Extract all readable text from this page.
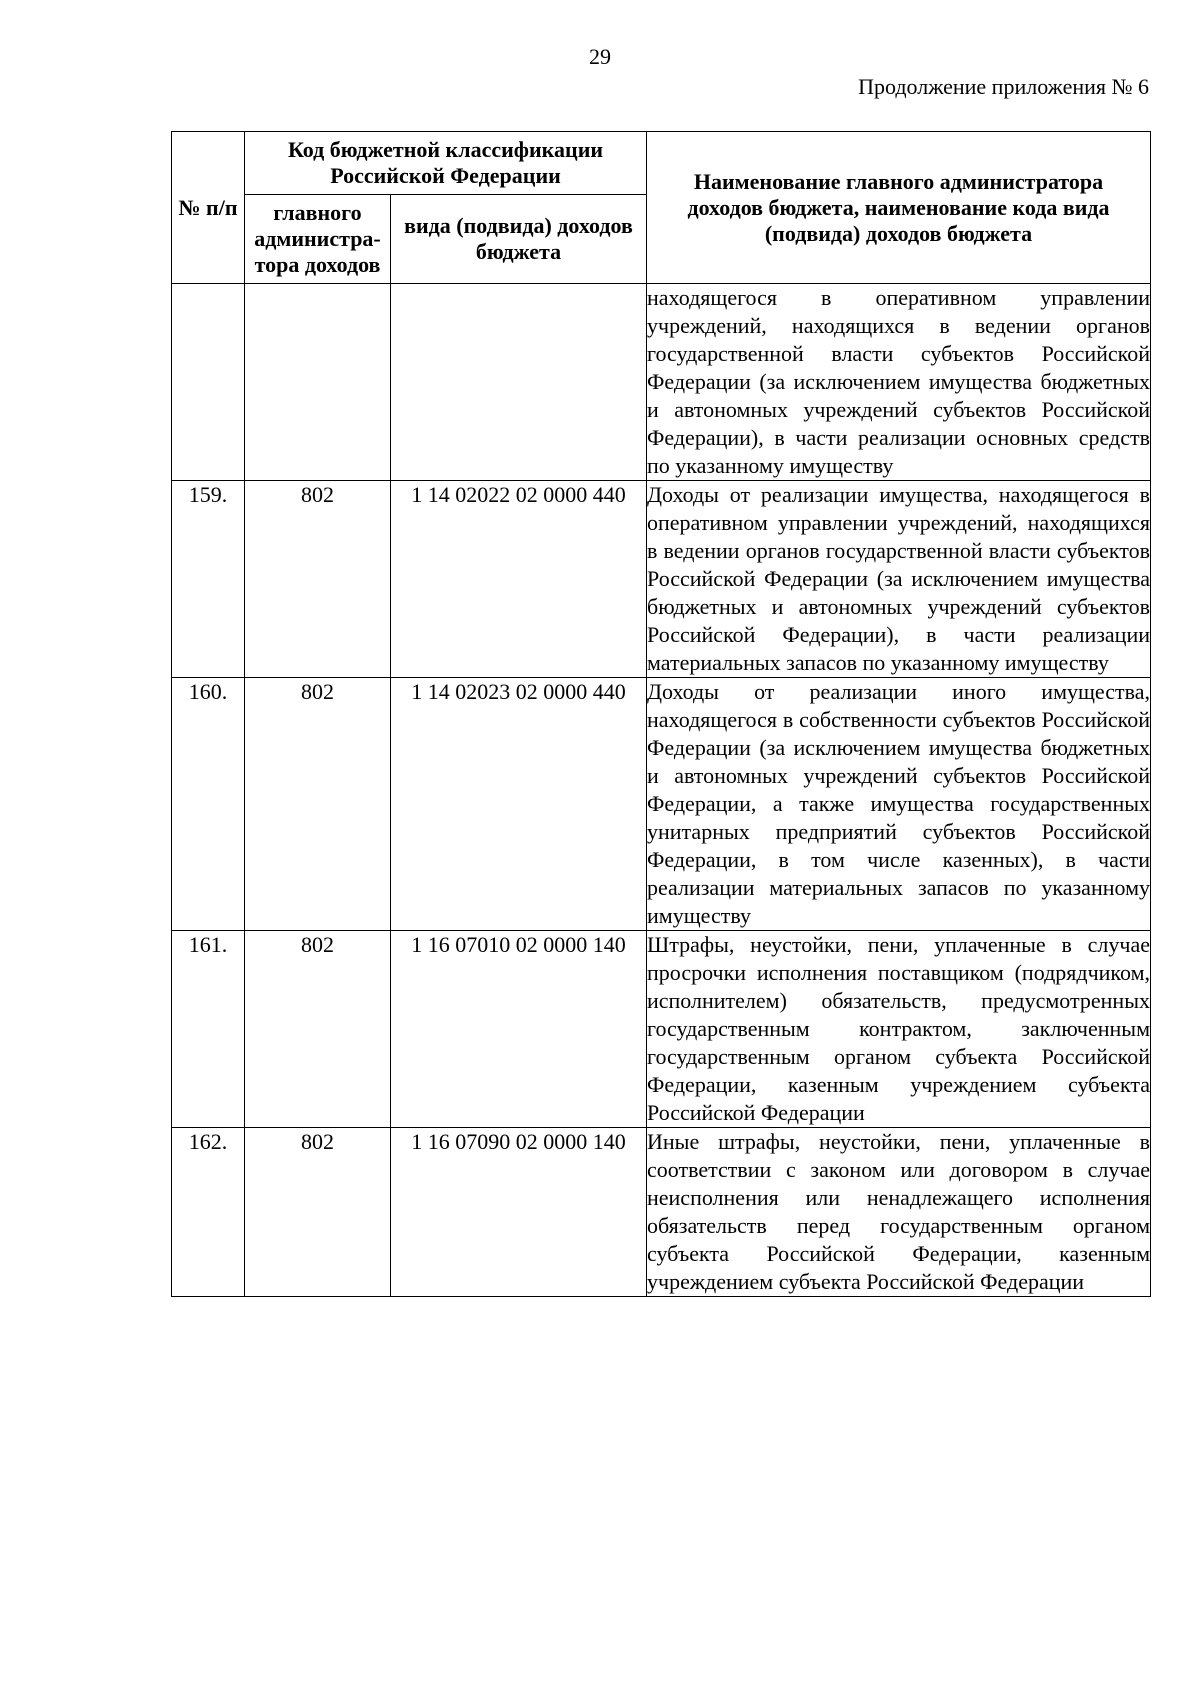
29
Продолжение приложения № 6
№ п/п	Код бюджетной классификации Российской Федерации		Наименование главного администратора доходов бюджета, наименование кода вида (подвида) доходов бюджета
	главного администра-тора доходов	вида (подвида) доходов бюджета	
			находящегося в оперативном управлении учреждений, находящихся в ведении органов государственной власти субъектов Российской Федерации (за исключением имущества бюджетных и автономных учреждений субъектов Российской Федерации), в части реализации основных средств по указанному имуществу
159.	802	1 14 02022 02 0000 440	Доходы от реализации имущества, находящегося в оперативном управлении учреждений, находящихся в ведении органов государственной власти субъектов Российской Федерации (за исключением имущества бюджетных и автономных учреждений субъектов Российской Федерации), в части реализации материальных запасов по указанному имуществу
160.	802	1 14 02023 02 0000 440	Доходы от реализации иного имущества, находящегося в собственности субъектов Российской Федерации (за исключением имущества бюджетных и автономных учреждений субъектов Российской Федерации, а также имущества государственных унитарных предприятий субъектов Российской Федерации, в том числе казенных), в части реализации материальных запасов по указанному имуществу
161.	802	1 16 07010 02 0000 140	Штрафы, неустойки, пени, уплаченные в случае просрочки исполнения поставщиком (подрядчиком, исполнителем) обязательств, предусмотренных государственным контрактом, заключенным государственным органом субъекта Российской Федерации, казенным учреждением субъекта Российской Федерации
162.	802	1 16 07090 02 0000 140	Иные штрафы, неустойки, пени, уплаченные в соответствии с законом или договором в случае неисполнения или ненадлежащего исполнения обязательств перед государственным органом субъекта Российской Федерации, казенным учреждением субъекта Российской Федерации
